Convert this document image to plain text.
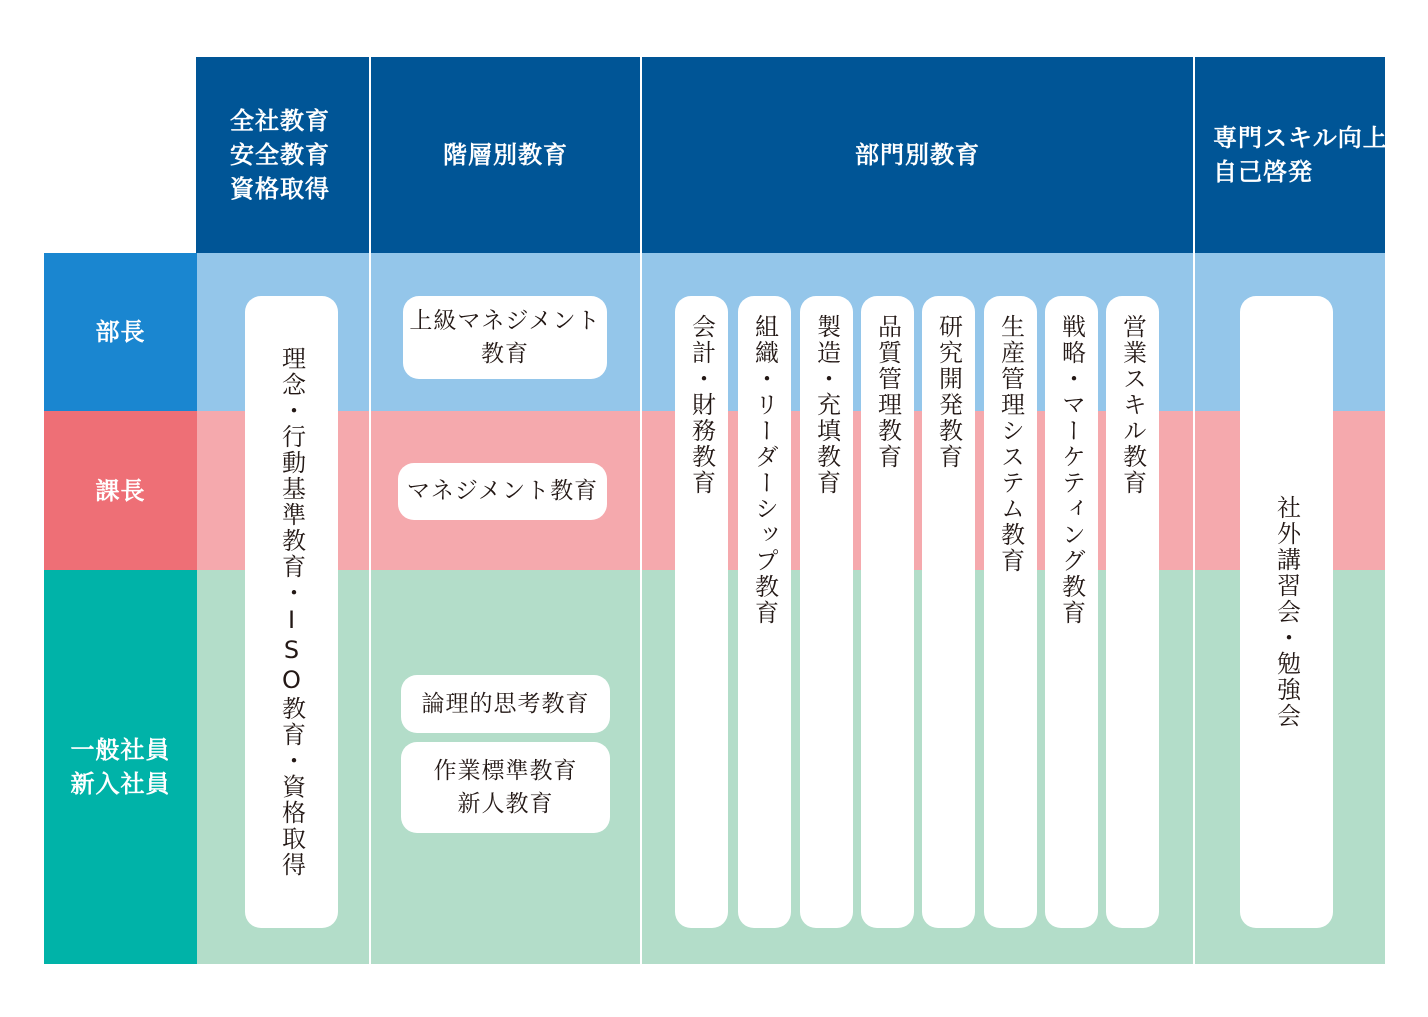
全社教育
安全教育
資格取得
階層別教育	部門別教育
専門スキル向上
自己啓発
部長
課長
一般社員
新入社員	理念・行動基準教育・ISO教育・資格取得
上級マネジメント
教育
マネジメント教育
論理的思考教育
作業標準教育
新人教育
会計・財務教育 組織・リーダーシップ教育 製造・充填教育 品質管理教育 研究開発教育 生産管理システム教育 戦略・マーケティング教育 営業スキル教育
社外講習会・勉強会
